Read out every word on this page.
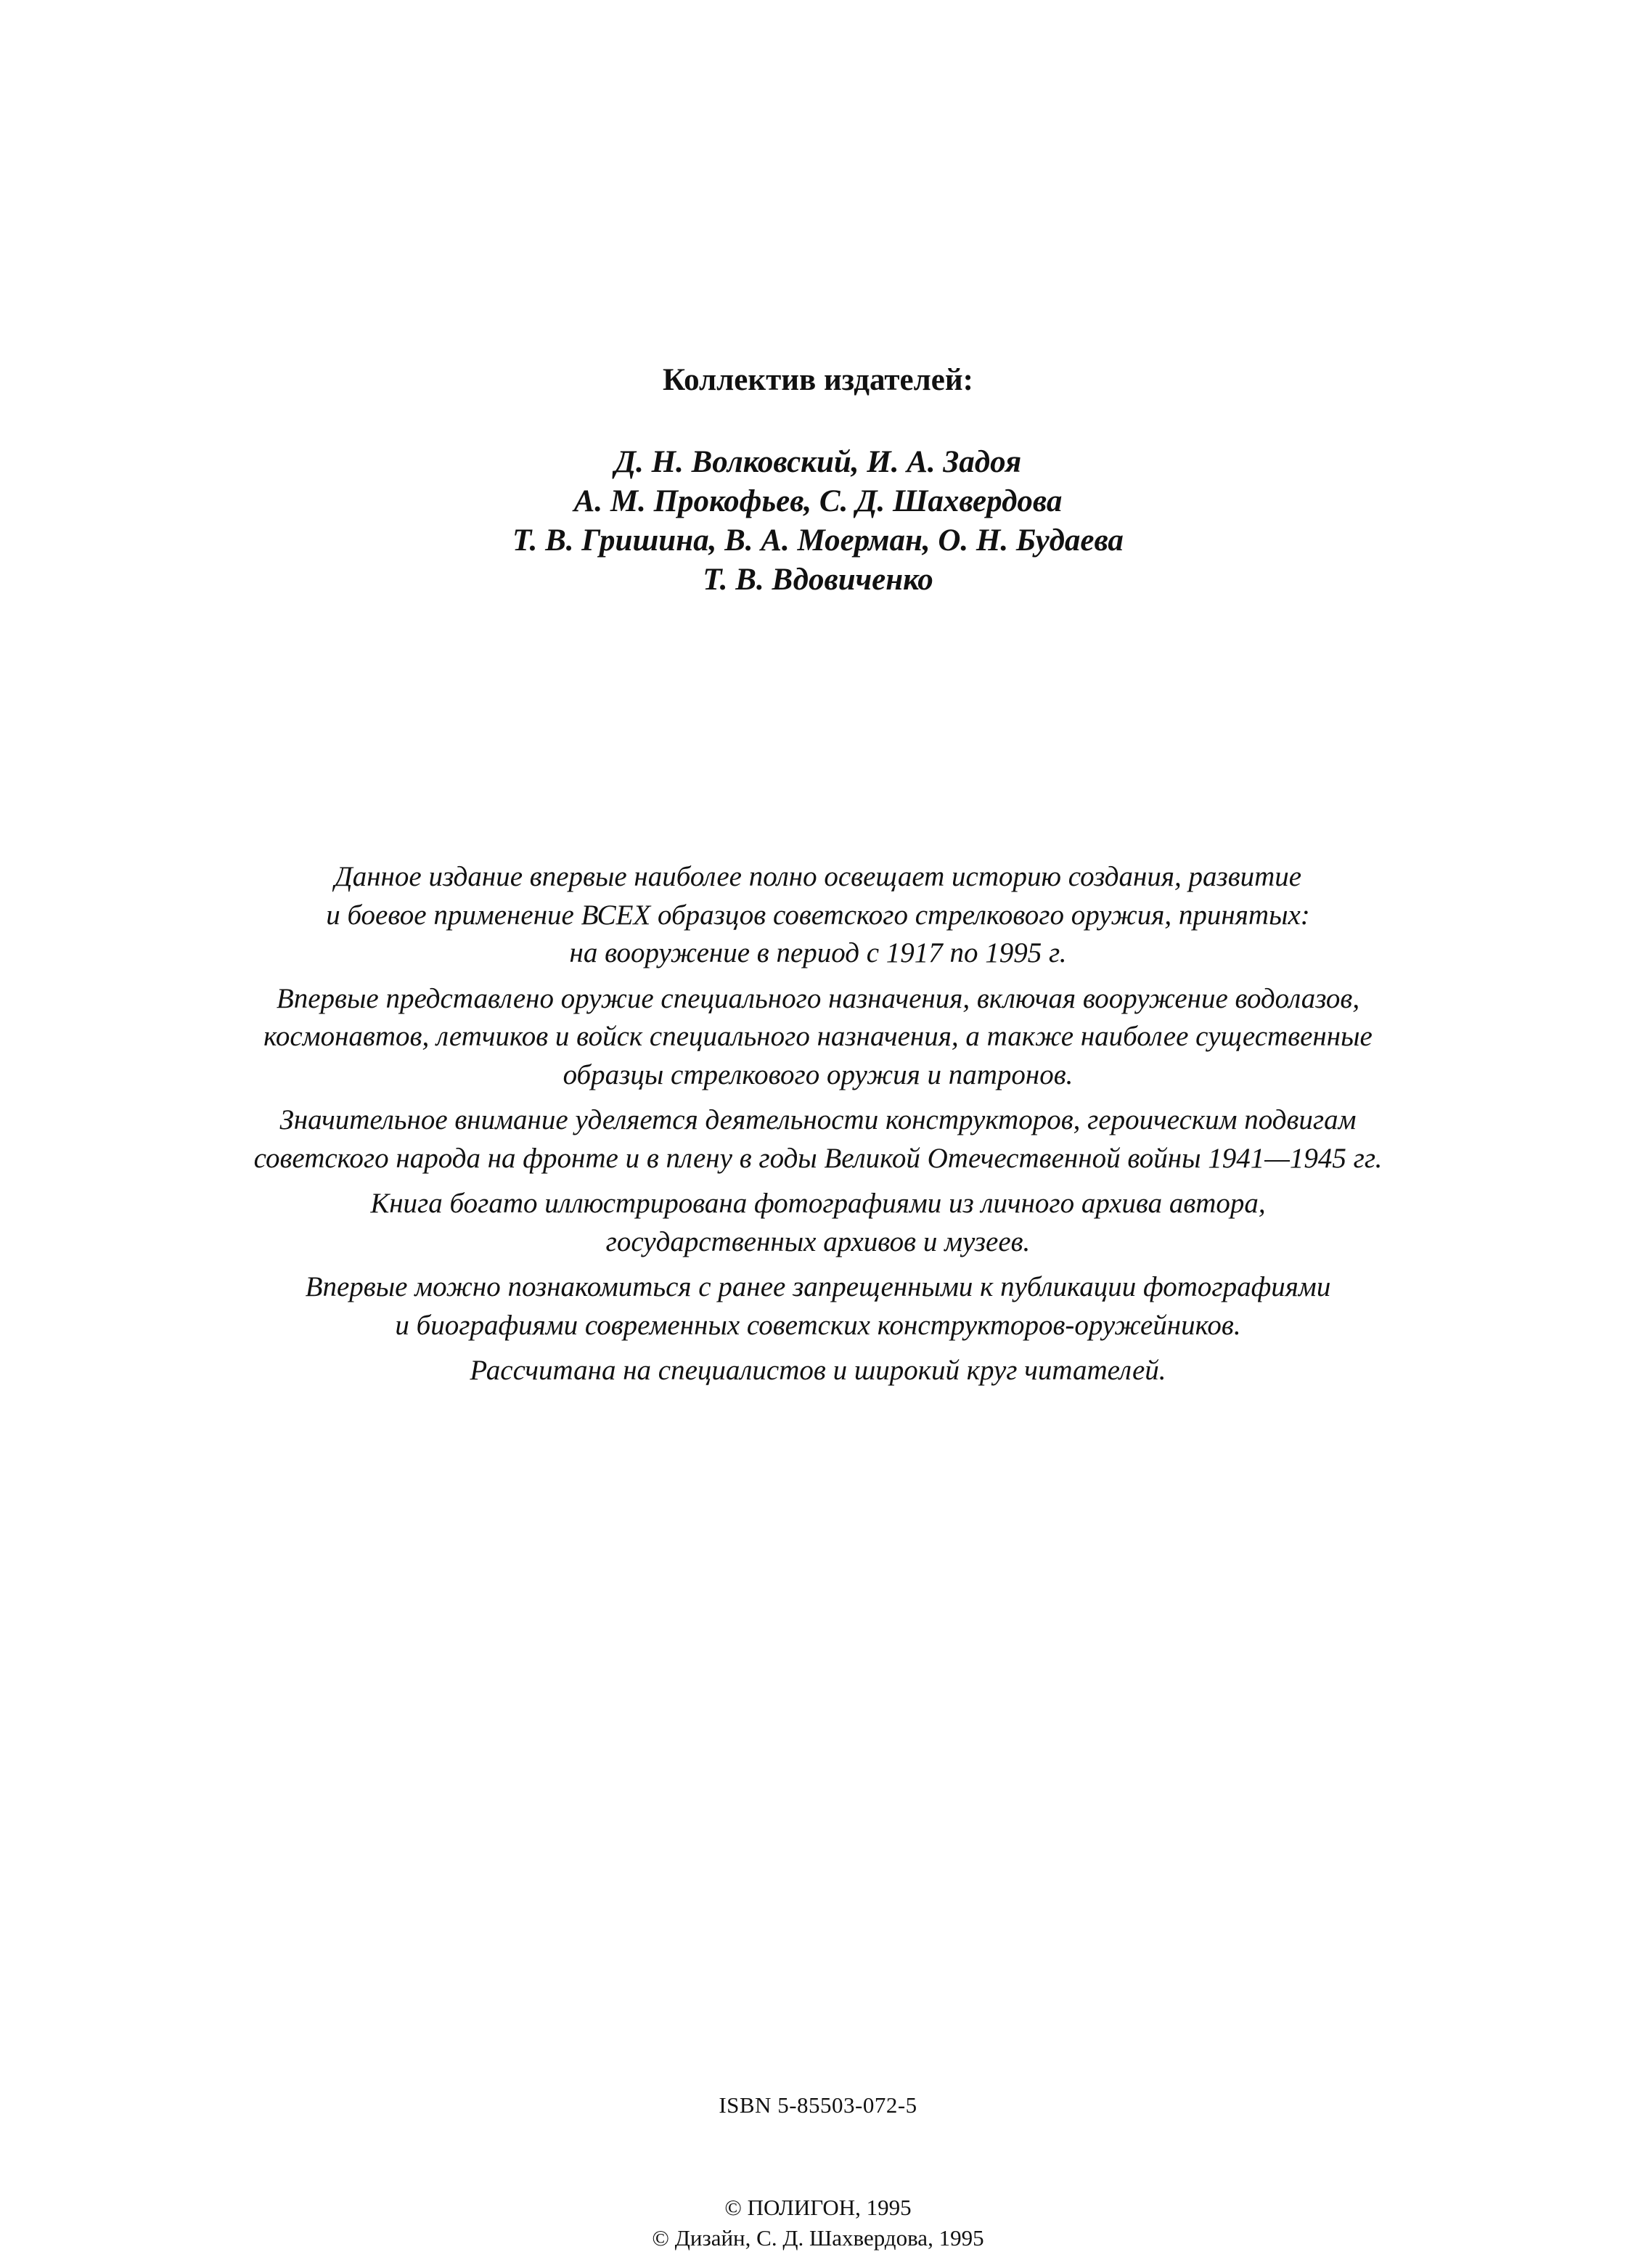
Коллектив издателей:
Д. Н. Волковский, И. А. Задоя
А. М. Прокофьев, С. Д. Шахвердова
Т. В. Гришина, В. А. Моерман, О. Н. Будаева
Т. В. Вдовиченко

Данное издание впервые наиболее полно освещает историю создания, развитие
и боевое применение ВСЕХ образцов советского стрелкового оружия, принятых:
на вооружение в период с 1917 по 1995 г.

Впервые представлено оружие специального назначения, включая вооружение водолазов,
космонавтов, летчиков и войск специального назначения, а также наиболее существенные
образцы стрелкового оружия и патронов.

Значительное внимание уделяется деятельности конструкторов, героическим подвигам
советского народа на фронте и в плену в годы Великой Отечественной войны 1941—1945 гг.

Книга богато иллюстрирована фотографиями из личного архива автора,
государственных архивов и музеев.

Впервые можно познакомиться с ранее запрещенными к публикации фотографиями
и биографиями современных советских конструкторов-оружейников.

Рассчитана на специалистов и широкий круг читателей.

ISBN 5-85503-072-5
© ПОЛИГОН, 1995
© Дизайн, С. Д. Шахвердова, 1995
